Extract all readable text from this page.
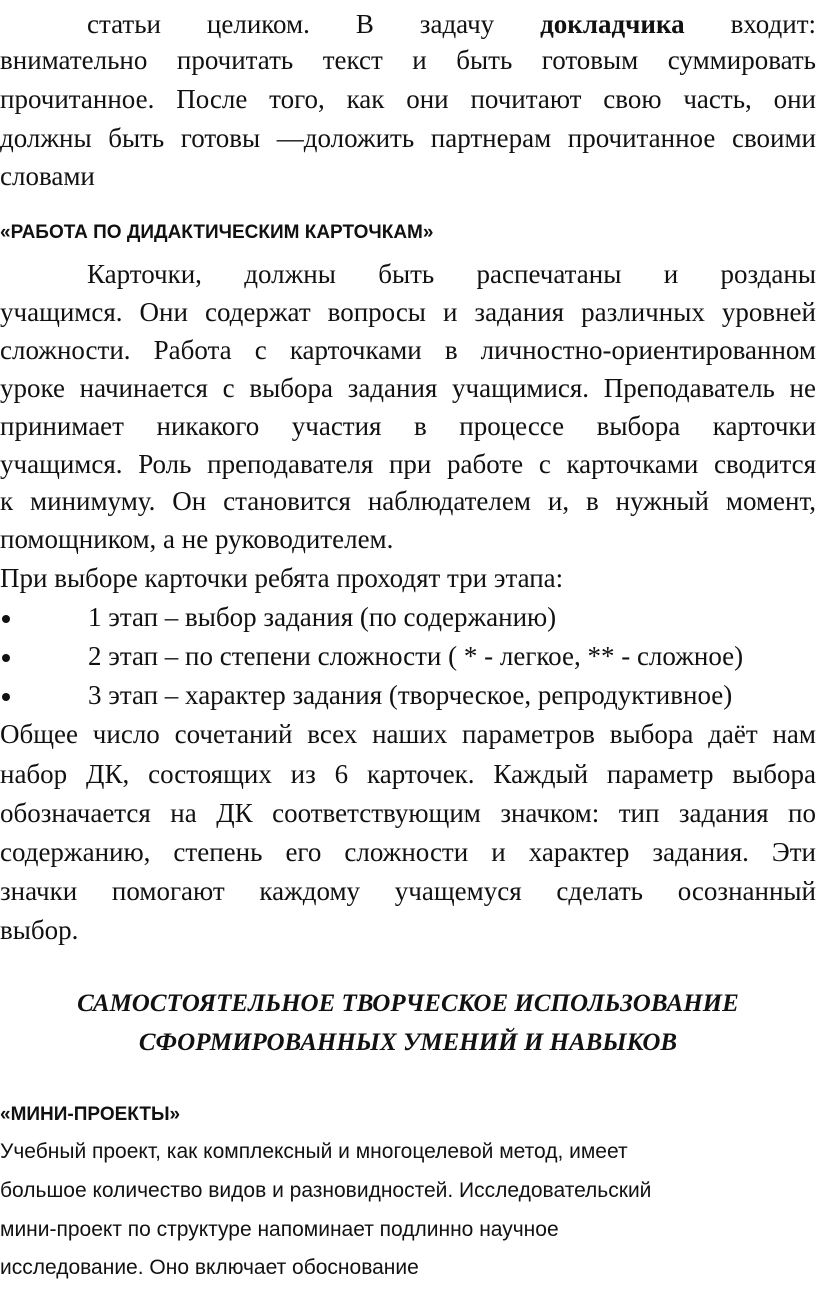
статьи целиком. В задачу докладчика входит:
внимательно прочитать текст и быть готовым суммировать
прочитанное. После того, как они почитают свою часть, они
должны быть готовы —доложить партнерам прочитанное своими
словами
«РАБОТА ПО ДИДАКТИЧЕСКИМ КАРТОЧКАМ»
Карточки, должны быть распечатаны и розданы
учащимся. Они содержат вопросы и задания различных уровней
сложности. Работа с карточками в личностно-ориентированном
уроке начинается с выбора задания учащимися. Преподаватель не
принимает никакого участия в процессе выбора карточки
учащимся. Роль преподавателя при работе с карточками сводится
к минимуму. Он становится наблюдателем и, в нужный момент,
помощником, а не руководителем.
При выборе карточки ребята проходят три этапа:
1 этап – выбор задания (по содержанию)
2 этап – по степени сложности ( * - легкое, ** - сложное)
3 этап – характер задания (творческое, репродуктивное)
Общее число сочетаний всех наших параметров выбора даёт нам
набор ДК, состоящих из 6 карточек. Каждый параметр выбора
обозначается на ДК соответствующим значком: тип задания по
содержанию, степень его сложности и характер задания. Эти
значки помогают каждому учащемуся сделать осознанный
выбор.
САМОСТОЯТЕЛЬНОЕ ТВОРЧЕСКОЕ ИСПОЛЬЗОВАНИЕ
СФОРМИРОВАННЫХ УМЕНИЙ И НАВЫКОВ
«МИНИ-ПРОЕКТЫ»
Учебный проект, как комплексный и многоцелевой метод, имеет
большое количество видов и разновидностей. Исследовательский
мини-проект по структуре напоминает подлинно научное
исследование. Оно включает обоснование
